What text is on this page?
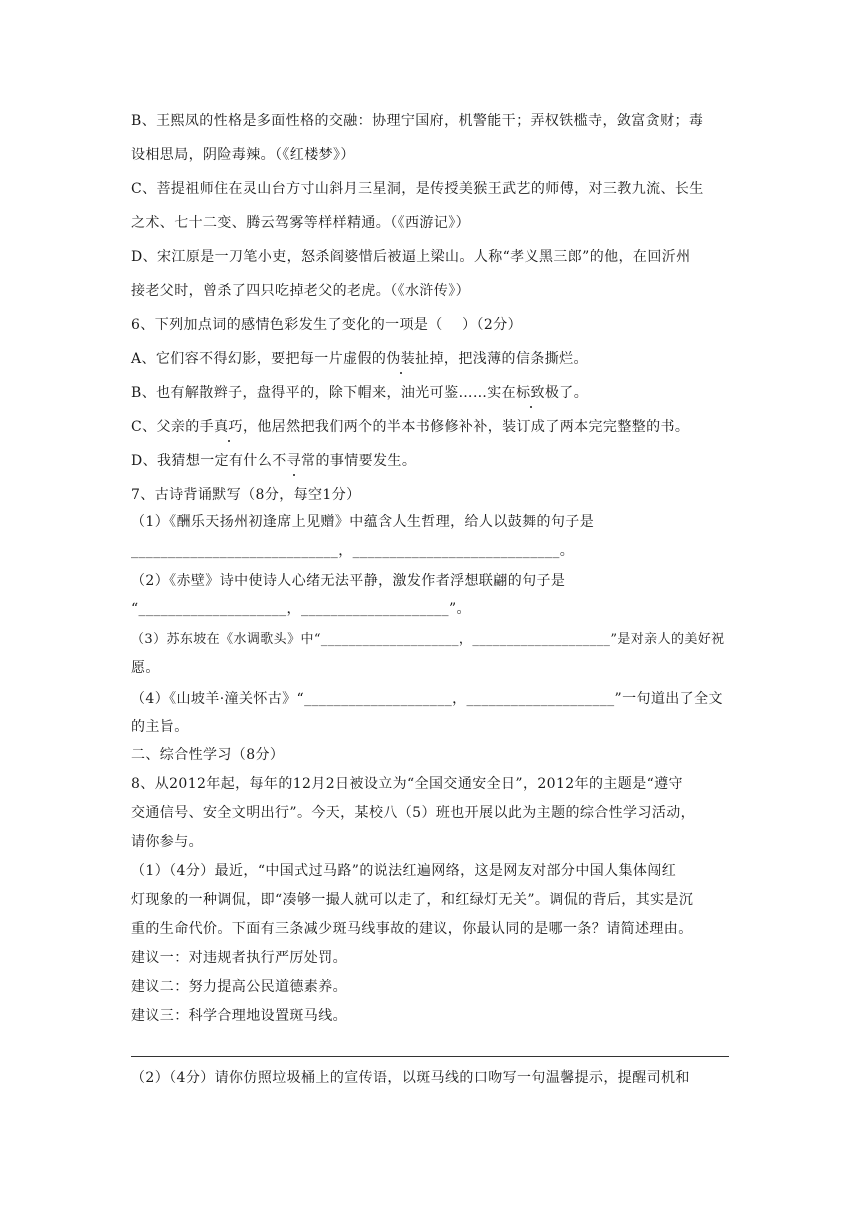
B、王熙凤的性格是多面性格的交融：协理宁国府，机警能干；弄权铁槛寺，敛富贪财；毒
设相思局，阴险毒辣。（《红楼梦》）
C、菩提祖师住在灵山台方寸山斜月三星洞，是传授美猴王武艺的师傅，对三教九流、长生
之术、七十二变、腾云驾雾等样样精通。（《西游记》）
D、宋江原是一刀笔小吏，怒杀阎婆惜后被逼上梁山。人称“孝义黑三郎”的他，在回沂州
接老父时，曾杀了四只吃掉老父的老虎。（《水浒传》）
6、下列加点词的感情色彩发生了变化的一项是（    ）（2分）
A、它们容不得幻影，要把每一片虚假的伪装扯掉，把浅薄的信条撕烂。
B、也有解散辫子，盘得平的，除下帽来，油光可鉴……实在标致极了。
C、父亲的手真巧，他居然把我们两个的半本书修修补补，装订成了两本完完整整的书。
D、我猜想一定有什么不寻常的事情要发生。
7、古诗背诵默写（8分，每空1分）
（1）《酬乐天扬州初逢席上见赠》中蕴含人生哲理，给人以鼓舞的句子是
____________________________，____________________________。
（2）《赤壁》诗中使诗人心绪无法平静，激发作者浮想联翩的句子是
“____________________，____________________”。
（3）苏东坡在《水调歌头》中“____________________，____________________”是对亲人的美好祝
愿。
（4）《山坡羊·潼关怀古》“____________________，____________________”一句道出了全文
的主旨。
二、综合性学习（8分）
8、从2012年起，每年的12月2日被设立为“全国交通安全日”，2012年的主题是“遵守
交通信号、安全文明出行”。今天，某校八（5）班也开展以此为主题的综合性学习活动，
请你参与。
（1）（4分）最近，“中国式过马路”的说法红遍网络，这是网友对部分中国人集体闯红
灯现象的一种调侃，即“凑够一撮人就可以走了，和红绿灯无关”。调侃的背后，其实是沉
重的生命代价。下面有三条减少斑马线事故的建议，你最认同的是哪一条？请简述理由。
建议一：对违规者执行严厉处罚。
建议二：努力提高公民道德素养。
建议三：科学合理地设置斑马线。
（2）（4分）请你仿照垃圾桶上的宣传语，以斑马线的口吻写一句温馨提示，提醒司机和
